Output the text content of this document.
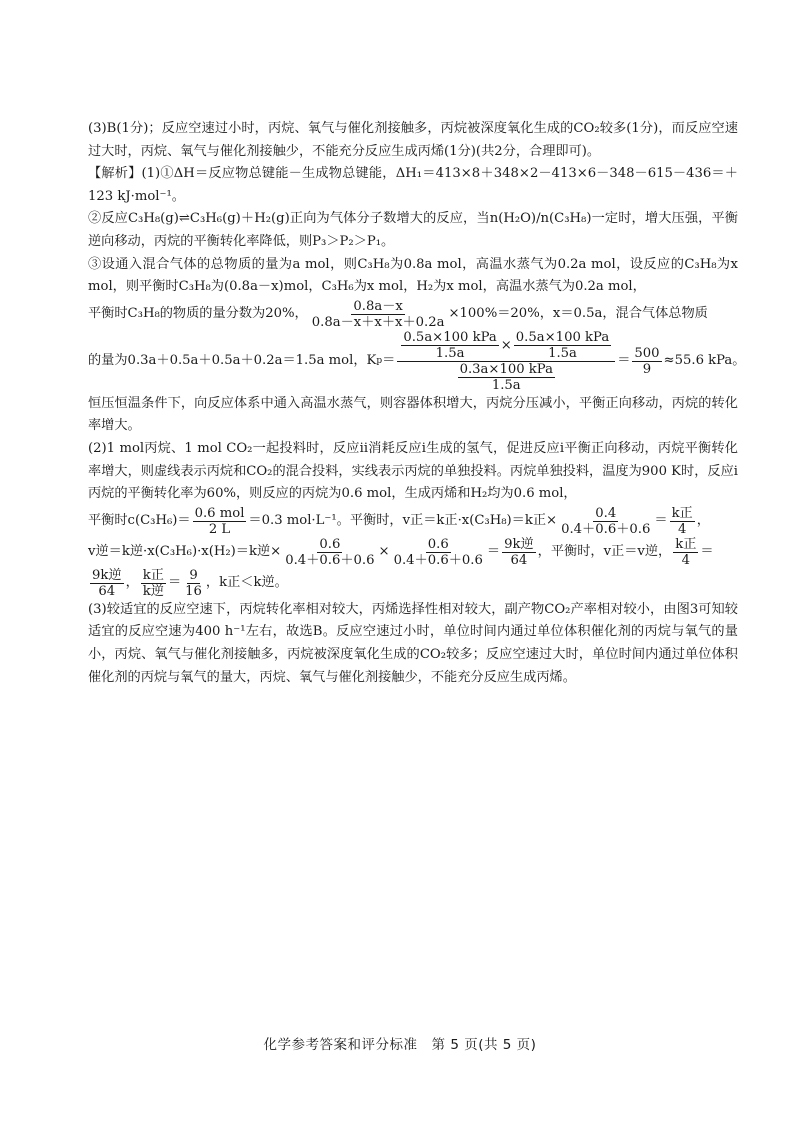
(3)B(1分)；反应空速过小时，丙烷、氧气与催化剂接触多，丙烷被深度氧化生成的CO₂较多(1分)，而反应空速过大时，丙烷、氧气与催化剂接触少，不能充分反应生成丙烯(1分)(共2分，合理即可)。

【解析】(1)①ΔH＝反应物总键能－生成物总键能，ΔH₁＝413×8＋348×2－413×6－348－615－436＝＋123 kJ·mol⁻¹。

②反应C₃H₈(g)⇌C₃H₆(g)＋H₂(g)正向为气体分子数增大的反应，当n(H₂O)/n(C₃H₈)一定时，增大压强，平衡逆向移动，丙烷的平衡转化率降低，则P₃＞P₂＞P₁。

③设通入混合气体的总物质的量为a mol，则C₃H₈为0.8a mol，高温水蒸气为0.2a mol，设反应的C₃H₈为x mol，则平衡时C₃H₈为(0.8a－x)mol，C₃H₆为x mol，H₂为x mol，高温水蒸气为0.2a mol，

平衡时C₃H₈的物质的量分数为20%， $\frac{0.8a-x}{0.8a-x+x+x+0.2a} \times 100\%=20\%$，x＝0.5a，混合气体总物质
的量为0.3a＋0.5a＋0.5a＋0.2a＝1.5a mol，K $p = \frac{\text{0.5a×100 kPa}}{1.5a} \times \frac{\text{0.5a×100 kPa}}{1.5a}$
$\frac{\text{0.3a×100 kPa}}{1.5a}$
＝ $\frac{500}{9} \approx 55.6$ kPa。

恒压恒温条件下，向反应体系中通入高温水蒸气，则容器体积增大，丙烷分压减小，平衡正向移动，丙烷的转化率增大。

(2)1 mol丙烷、1 mol CO₂一起投料时，反应ⅱ消耗反应ⅰ生成的氢气，促进反应ⅰ平衡正向移动，丙烷平衡转化率增大，则虚线表示丙烷和CO₂的混合投料，实线表示丙烷的单独投料。丙烷单独投料，温度为900 K时，反应ⅰ丙烷的平衡转化率为60%，则反应的丙烷为0.6 mol，生成丙烯和H₂均为0.6 mol，

平衡时$c(C_3H_6)= \frac{\text{0.6 mol}}{2 L} =0.3$ mol·L⁻¹。平衡时，v正＝k正·x(C₃H₈)＝k正× $\frac{0.4}{0.4+0.6+0.6} = \frac{\text{k正}}{4}$ ，
v逆＝k逆·x(C₃H₆)·x(H₂)＝k逆× $\frac{0.6}{0.4+0.6+0.6} \times \frac{0.6}{0.4+0.6+0.6} = \frac{\text{9k逆}}{64}$ ，平衡时，v正＝v逆， $\frac{\text{k正}}{4}$ ＝
$\frac{\text{9k逆}}{64}$ ， $\frac{\text{k正}}{\text{k逆}} = \frac{9}{16}$ ，k正＜k逆。

(3)较适宜的反应空速下，丙烷转化率相对较大，丙烯选择性相对较大，副产物CO₂产率相对较小，由图3可知较适宜的反应空速为400 h⁻¹左右，故选B。反应空速过小时，单位时间内通过单位体积催化剂的丙烷与氧气的量小，丙烷、氧气与催化剂接触多，丙烷被深度氧化生成的CO₂较多；反应空速过大时，单位时间内通过单位体积催化剂的丙烷与氧气的量大，丙烷、氧气与催化剂接触少，不能充分反应生成丙烯。

化学参考答案和评分标准　第 5 页(共 5 页)
